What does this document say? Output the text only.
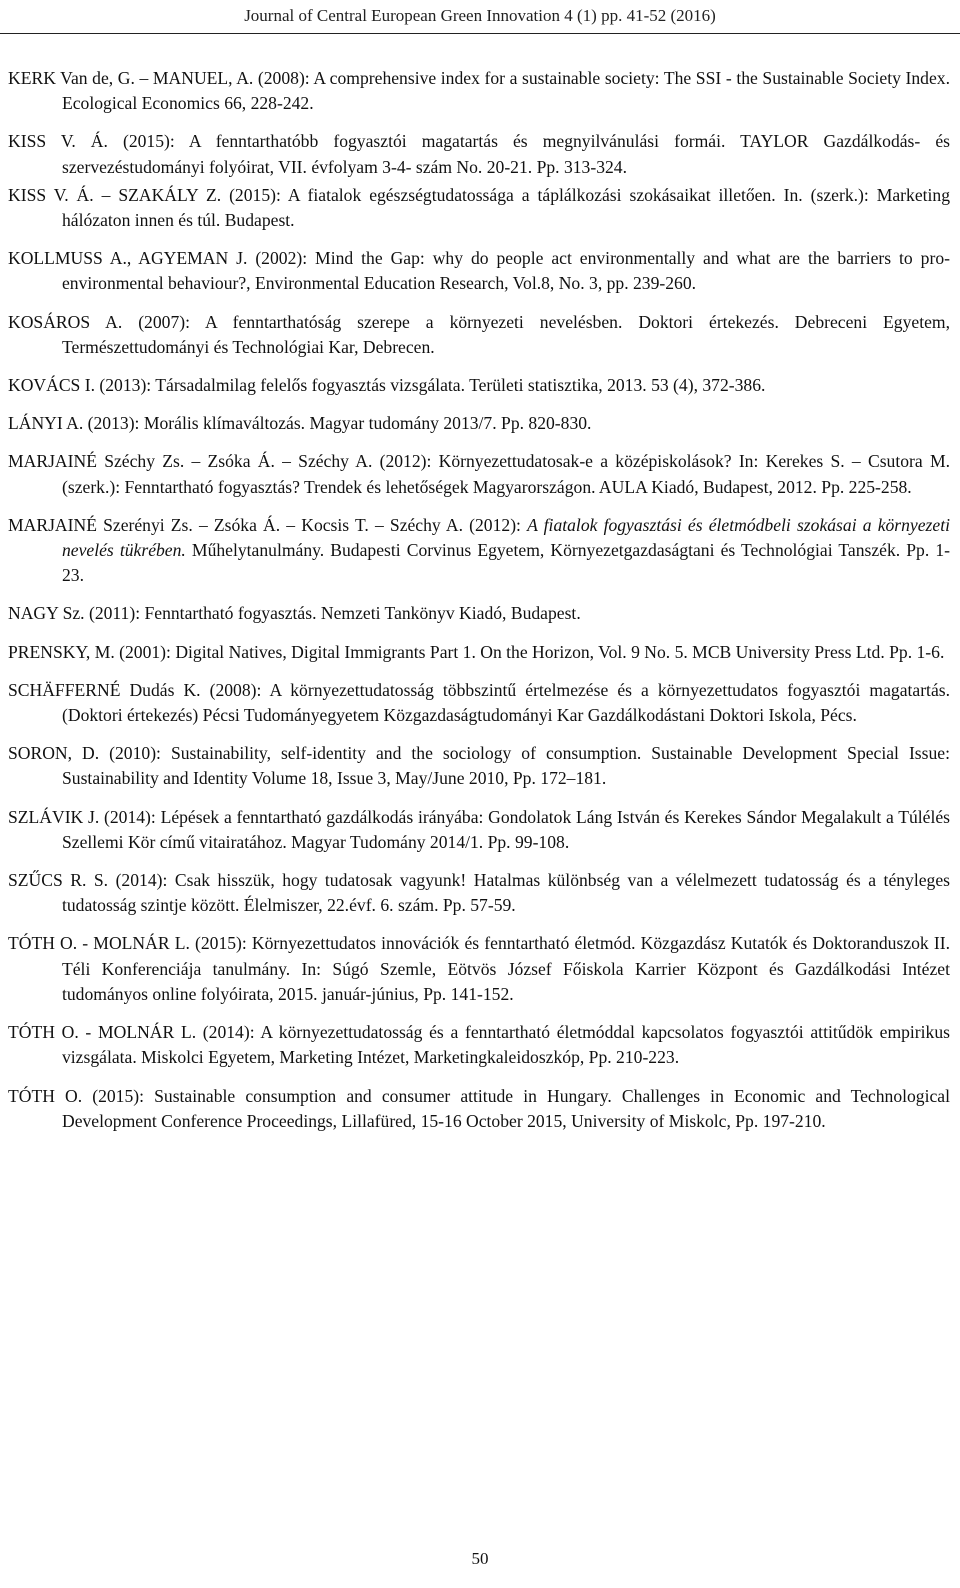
Journal of Central European Green Innovation 4 (1) pp. 41-52 (2016)

KERK Van de, G. – MANUEL, A. (2008): A comprehensive index for a sustainable society: The SSI - the Sustainable Society Index. Ecological Economics 66, 228-242.

KISS V. Á. (2015): A fenntarthatóbb fogyasztói magatartás és megnyilvánulási formái. TAYLOR Gazdálkodás- és szervezéstudományi folyóirat, VII. évfolyam 3-4- szám No. 20-21. Pp. 313-324.

KISS V. Á. – SZAKÁLY Z. (2015): A fiatalok egészségtudatossága a táplálkozási szokásaikat illetően. In. (szerk.): Marketing hálózaton innen és túl. Budapest.

KOLLMUSS A., AGYEMAN J. (2002): Mind the Gap: why do people act environmentally and what are the barriers to pro-environmental behaviour?, Environmental Education Research, Vol.8, No. 3, pp. 239-260.

KOSÁROS A. (2007): A fenntarthatóság szerepe a környezeti nevelésben. Doktori értekezés. Debreceni Egyetem, Természettudományi és Technológiai Kar, Debrecen.

KOVÁCS I. (2013): Társadalmilag felelős fogyasztás vizsgálata. Területi statisztika, 2013. 53 (4), 372-386.

LÁNYI A. (2013): Morális klímaváltozás. Magyar tudomány 2013/7. Pp. 820-830.

MARJAINÉ Széchy Zs. – Zsóka Á. – Széchy A. (2012): Környezettudatosak-e a középiskolások? In: Kerekes S. – Csutora M. (szerk.): Fenntartható fogyasztás? Trendek és lehetőségek Magyarországon. AULA Kiadó, Budapest, 2012. Pp. 225-258.

MARJAINÉ Szerényi Zs. – Zsóka Á. – Kocsis T. – Széchy A. (2012): A fiatalok fogyasztási és életmódbeli szokásai a környezeti nevelés tükrében. Műhelytanulmány. Budapesti Corvinus Egyetem, Környezetgazdaságtani és Technológiai Tanszék. Pp. 1-23.

NAGY Sz. (2011): Fenntartható fogyasztás. Nemzeti Tankönyv Kiadó, Budapest.

PRENSKY, M. (2001): Digital Natives, Digital Immigrants Part 1. On the Horizon, Vol. 9 No. 5. MCB University Press Ltd. Pp. 1-6.

SCHÄFFERNÉ Dudás K. (2008): A környezettudatosság többszintű értelmezése és a környezettudatos fogyasztói magatartás. (Doktori értekezés) Pécsi Tudományegyetem Közgazdaságtudományi Kar Gazdálkodástani Doktori Iskola, Pécs.

SORON, D. (2010): Sustainability, self-identity and the sociology of consumption. Sustainable Development Special Issue: Sustainability and Identity Volume 18, Issue 3, May/June 2010, Pp. 172–181.

SZLÁVIK J. (2014): Lépések a fenntartható gazdálkodás irányába: Gondolatok Láng István és Kerekes Sándor Megalakult a Túlélés Szellemi Kör című vitairatához. Magyar Tudomány 2014/1. Pp. 99-108.

SZŰCS R. S. (2014): Csak hisszük, hogy tudatosak vagyunk! Hatalmas különbség van a vélelmezett tudatosság és a tényleges tudatosság szintje között. Élelmiszer, 22.évf. 6. szám. Pp. 57-59.

TÓTH O. - MOLNÁR L. (2015): Környezettudatos innovációk és fenntartható életmód. Közgazdász Kutatók és Doktoranduszok II. Téli Konferenciája tanulmány. In: Súgó Szemle, Eötvös József Főiskola Karrier Központ és Gazdálkodási Intézet tudományos online folyóirata, 2015. január-június, Pp. 141-152.

TÓTH O. - MOLNÁR L. (2014): A környezettudatosság és a fenntartható életmóddal kapcsolatos fogyasztói attitűdök empirikus vizsgálata. Miskolci Egyetem, Marketing Intézet, Marketingkaleidoszkóp, Pp. 210-223.

TÓTH O. (2015): Sustainable consumption and consumer attitude in Hungary. Challenges in Economic and Technological Development Conference Proceedings, Lillafüred, 15-16 October 2015, University of Miskolc, Pp. 197-210.

50
